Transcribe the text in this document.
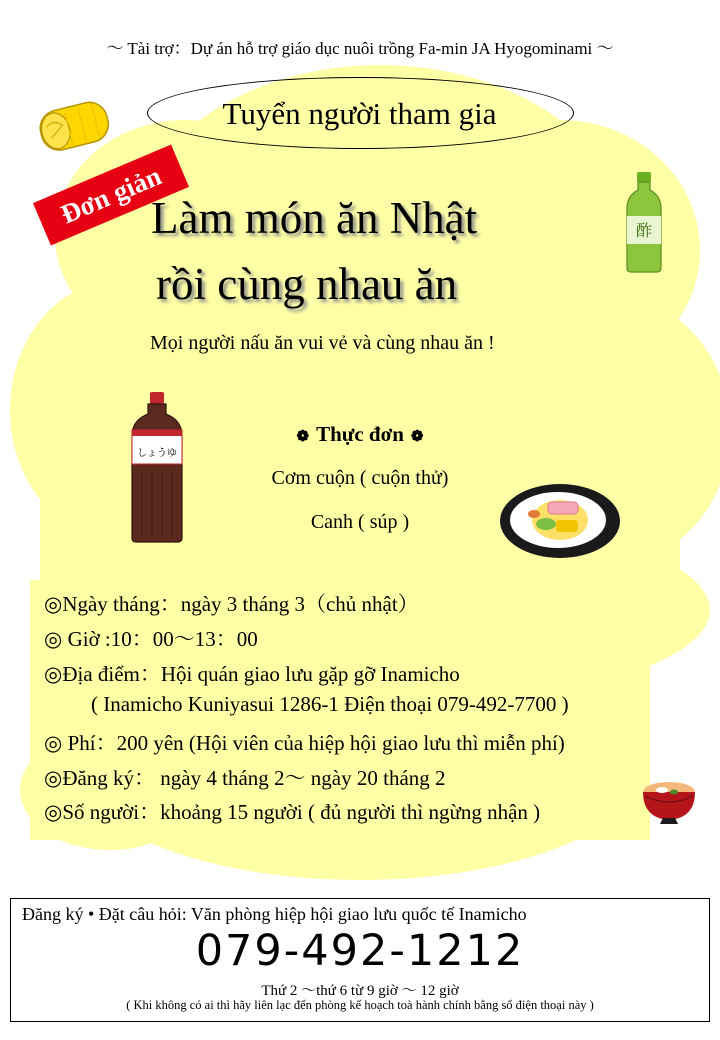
～ Tài trợ：Dự án hỗ trợ giáo dục nuôi trồng Fa-min JA Hyogominami ～
Tuyển người tham gia
Đơn giản
Làm món ăn Nhật
rồi cùng nhau ăn
酢
Mọi người nấu ăn vui vẻ và cùng nhau ăn !
しょうゆ
❁ Thực đơn ❁
Cơm cuộn ( cuộn thử)
Canh ( súp )
◎Ngày tháng：ngày 3 tháng 3（chủ nhật）
◎ Giờ :10：00～13：00
◎Địa điểm：Hội quán giao lưu gặp gỡ Inamicho
( Inamicho Kuniyasui 1286-1 Điện thoại 079-492-7700 )
◎ Phí：200 yên (Hội viên của hiệp hội giao lưu thì miễn phí)
◎Đăng ký： ngày 4 tháng 2～ ngày 20 tháng 2
◎Số người：khoảng 15 người ( đủ người thì ngừng nhận )
Đăng ký • Đặt câu hỏi: Văn phòng hiệp hội giao lưu quốc tế Inamicho
079-492-1212
Thứ 2 ～thứ 6 từ 9 giờ ～ 12 giờ
( Khi không có ai thì hãy liên lạc đến phòng kế hoạch toà hành chính bằng số điện thoại này )
